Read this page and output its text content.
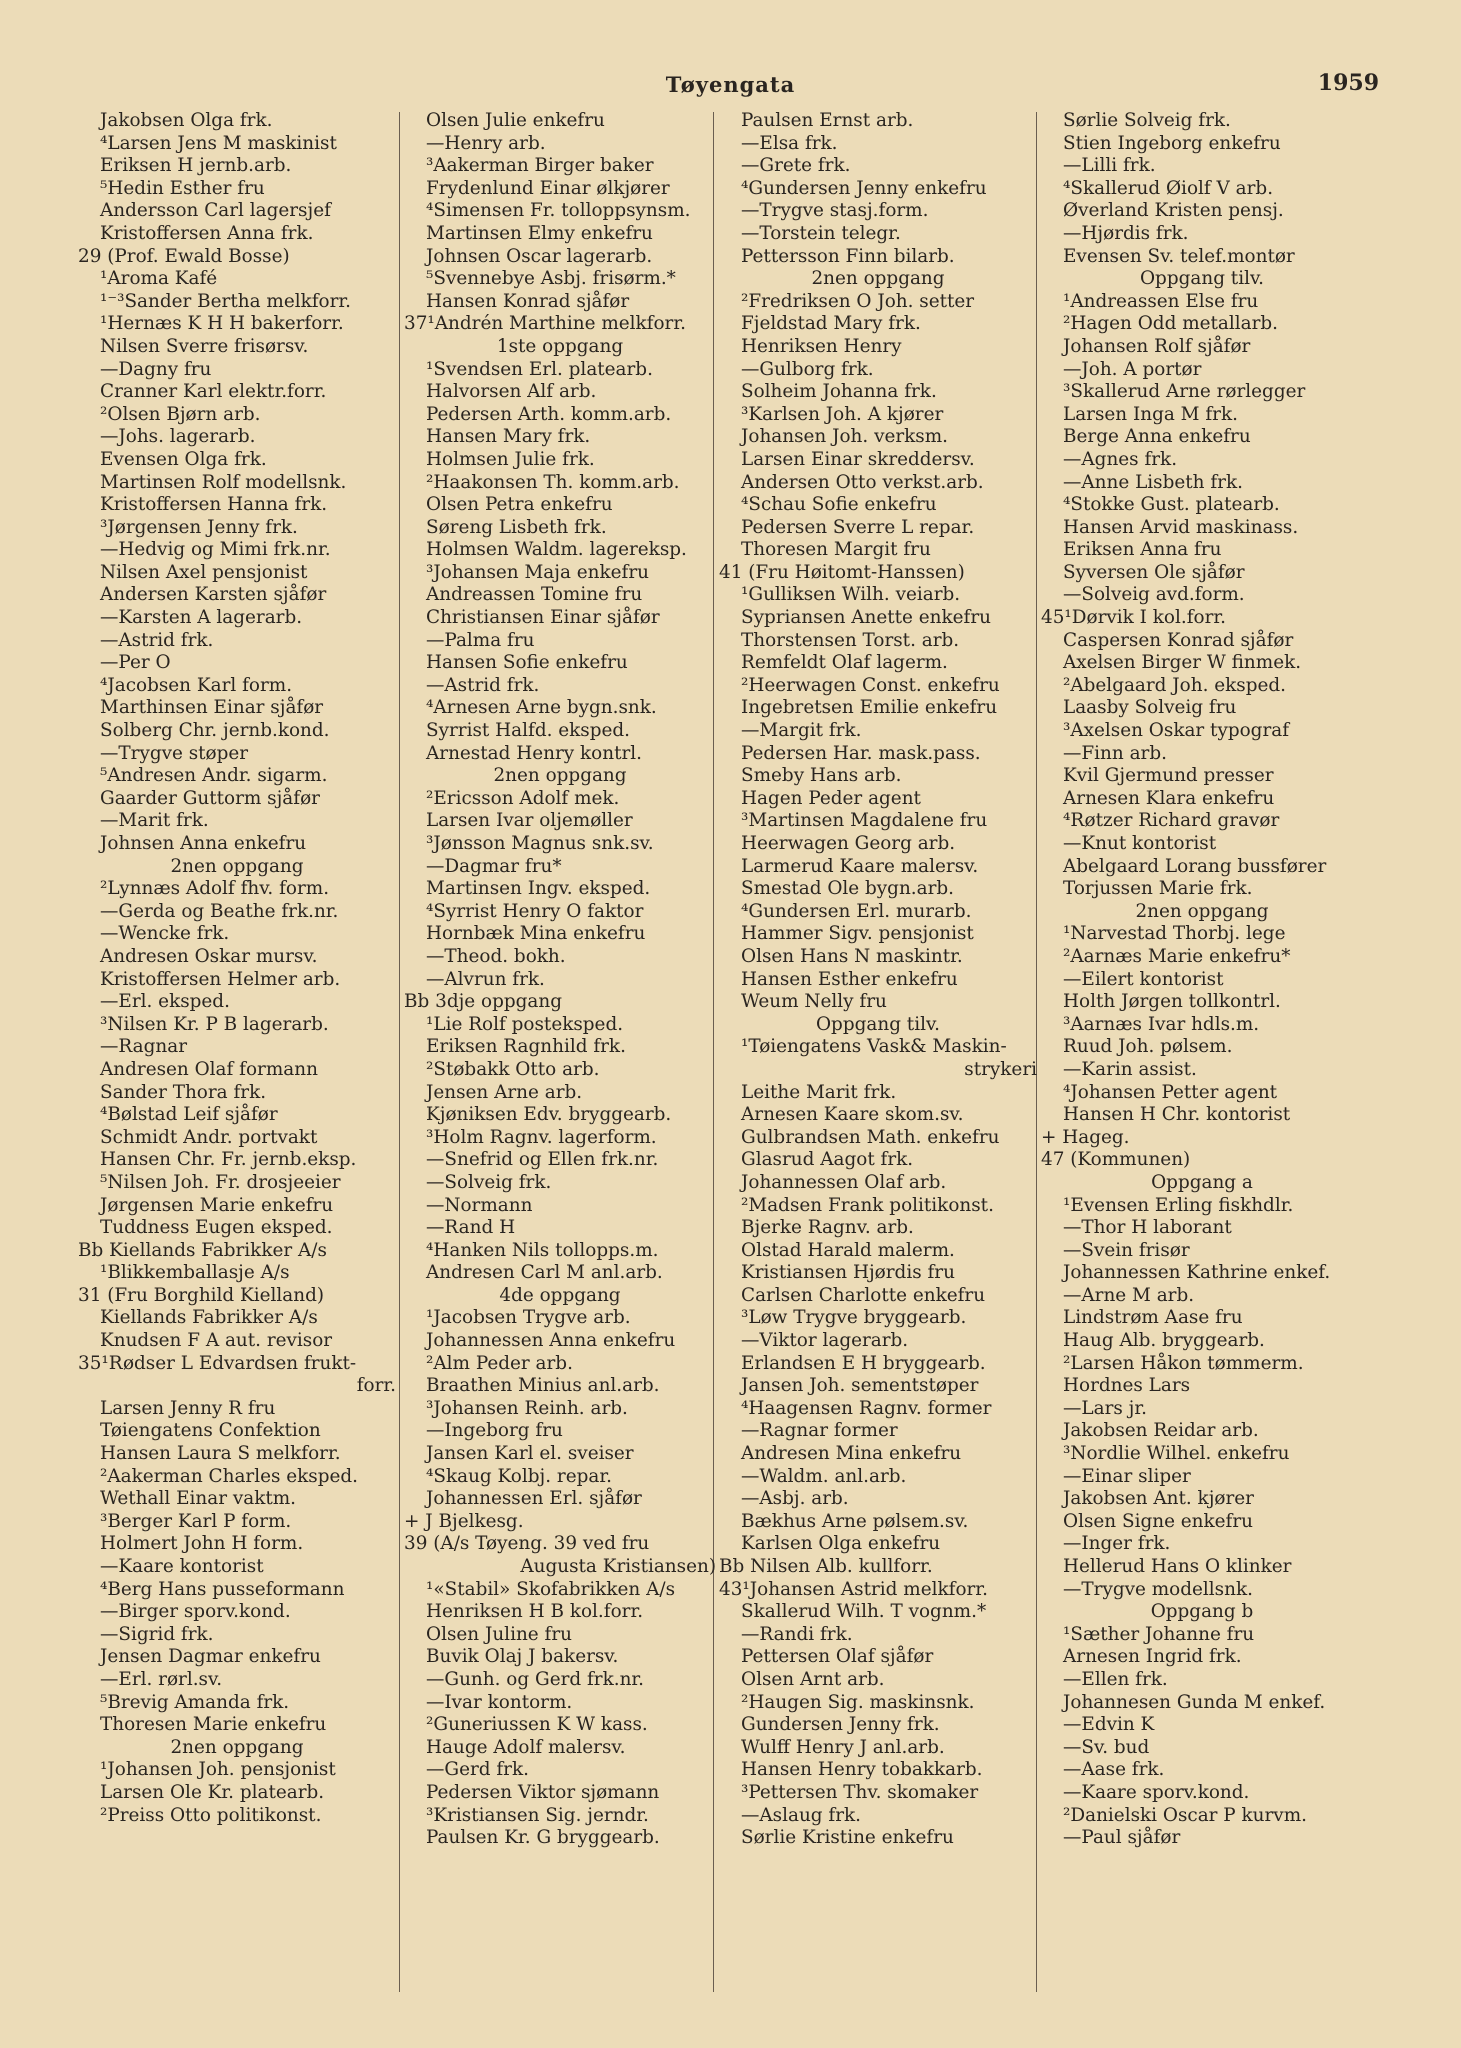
Tøyengata	1959
Jakobsen Olga frk.
⁴Larsen Jens M maskinist
Eriksen H jernb.arb.
⁵Hedin Esther fru
Andersson Carl lagersjef
Kristoffersen Anna frk.
29 (Prof. Ewald Bosse)
¹Aroma Kafé
¹⁻³Sander Bertha melkforr.
¹Hernæs K H H bakerforr.
Nilsen Sverre frisørsv.
—Dagny fru
Cranner Karl elektr.forr.
²Olsen Bjørn arb.
—Johs. lagerarb.
Evensen Olga frk.
Martinsen Rolf modellsnk.
Kristoffersen Hanna frk.
³Jørgensen Jenny frk.
—Hedvig og Mimi frk.nr.
Nilsen Axel pensjonist
Andersen Karsten sjåfør
—Karsten A lagerarb.
—Astrid frk.
—Per O
⁴Jacobsen Karl form.
Marthinsen Einar sjåfør
Solberg Chr. jernb.kond.
—Trygve støper
⁵Andresen Andr. sigarm.
Gaarder Guttorm sjåfør
—Marit frk.
Johnsen Anna enkefru
2nen oppgang
²Lynnæs Adolf fhv. form.
—Gerda og Beathe frk.nr.
—Wencke frk.
Andresen Oskar mursv.
Kristoffersen Helmer arb.
—Erl. eksped.
³Nilsen Kr. P B lagerarb.
—Ragnar
Andresen Olaf formann
Sander Thora frk.
⁴Bølstad Leif sjåfør
Schmidt Andr. portvakt
Hansen Chr. Fr. jernb.eksp.
⁵Nilsen Joh. Fr. drosjeeier
Jørgensen Marie enkefru
Tuddness Eugen eksped.
Bb Kiellands Fabrikker A/s
¹Blikkemballasje A/s
31 (Fru Borghild Kielland)
Kiellands Fabrikker A/s
Knudsen F A aut. revisor
35¹Rødser L Edvardsen frukt-
forr.
Larsen Jenny R fru
Tøiengatens Confektion
Hansen Laura S melkforr.
²Aakerman Charles eksped.
Wethall Einar vaktm.
³Berger Karl P form.
Holmert John H form.
—Kaare kontorist
⁴Berg Hans pusseformann
—Birger sporv.kond.
—Sigrid frk.
Jensen Dagmar enkefru
—Erl. rørl.sv.
⁵Brevig Amanda frk.
Thoresen Marie enkefru
2nen oppgang
¹Johansen Joh. pensjonist
Larsen Ole Kr. platearb.
²Preiss Otto politikonst.
Olsen Julie enkefru
—Henry arb.
³Aakerman Birger baker
Frydenlund Einar ølkjører
⁴Simensen Fr. tolloppsynsm.
Martinsen Elmy enkefru
Johnsen Oscar lagerarb.
⁵Svennebye Asbj. frisørm.*
Hansen Konrad sjåfør
37¹Andrén Marthine melkforr.
1ste oppgang
¹Svendsen Erl. platearb.
Halvorsen Alf arb.
Pedersen Arth. komm.arb.
Hansen Mary frk.
Holmsen Julie frk.
²Haakonsen Th. komm.arb.
Olsen Petra enkefru
Søreng Lisbeth frk.
Holmsen Waldm. lagereksp.
³Johansen Maja enkefru
Andreassen Tomine fru
Christiansen Einar sjåfør
—Palma fru
Hansen Sofie enkefru
—Astrid frk.
⁴Arnesen Arne bygn.snk.
Syrrist Halfd. eksped.
Arnestad Henry kontrl.
2nen oppgang
²Ericsson Adolf mek.
Larsen Ivar oljemøller
³Jønsson Magnus snk.sv.
—Dagmar fru*
Martinsen Ingv. eksped.
⁴Syrrist Henry O faktor
Hornbæk Mina enkefru
—Theod. bokh.
—Alvrun frk.
Bb 3dje oppgang
¹Lie Rolf posteksped.
Eriksen Ragnhild frk.
²Støbakk Otto arb.
Jensen Arne arb.
Kjøniksen Edv. bryggearb.
³Holm Ragnv. lagerform.
—Snefrid og Ellen frk.nr.
—Solveig frk.
—Normann
—Rand H
⁴Hanken Nils tollopps.m.
Andresen Carl M anl.arb.
4de oppgang
¹Jacobsen Trygve arb.
Johannessen Anna enkefru
²Alm Peder arb.
Braathen Minius anl.arb.
³Johansen Reinh. arb.
—Ingeborg fru
Jansen Karl el. sveiser
⁴Skaug Kolbj. repar.
Johannessen Erl. sjåfør
+ J Bjelkesg.
39 (A/s Tøyeng. 39 ved fru
Augusta Kristiansen)
¹«Stabil» Skofabrikken A/s
Henriksen H B kol.forr.
Olsen Juline fru
Buvik Olaj J bakersv.
—Gunh. og Gerd frk.nr.
—Ivar kontorm.
²Guneriussen K W kass.
Hauge Adolf malersv.
—Gerd frk.
Pedersen Viktor sjømann
³Kristiansen Sig. jerndr.
Paulsen Kr. G bryggearb.
Paulsen Ernst arb.
—Elsa frk.
—Grete frk.
⁴Gundersen Jenny enkefru
—Trygve stasj.form.
—Torstein telegr.
Pettersson Finn bilarb.
2nen oppgang
²Fredriksen O Joh. setter
Fjeldstad Mary frk.
Henriksen Henry
—Gulborg frk.
Solheim Johanna frk.
³Karlsen Joh. A kjører
Johansen Joh. verksm.
Larsen Einar skreddersv.
Andersen Otto verkst.arb.
⁴Schau Sofie enkefru
Pedersen Sverre L repar.
Thoresen Margit fru
41 (Fru Høitomt-Hanssen)
¹Gulliksen Wilh. veiarb.
Sypriansen Anette enkefru
Thorstensen Torst. arb.
Remfeldt Olaf lagerm.
²Heerwagen Const. enkefru
Ingebretsen Emilie enkefru
—Margit frk.
Pedersen Har. mask.pass.
Smeby Hans arb.
Hagen Peder agent
³Martinsen Magdalene fru
Heerwagen Georg arb.
Larmerud Kaare malersv.
Smestad Ole bygn.arb.
⁴Gundersen Erl. murarb.
Hammer Sigv. pensjonist
Olsen Hans N maskintr.
Hansen Esther enkefru
Weum Nelly fru
Oppgang tilv.
¹Tøiengatens Vask& Maskin-
strykeri
Leithe Marit frk.
Arnesen Kaare skom.sv.
Gulbrandsen Math. enkefru
Glasrud Aagot frk.
Johannessen Olaf arb.
²Madsen Frank politikonst.
Bjerke Ragnv. arb.
Olstad Harald malerm.
Kristiansen Hjørdis fru
Carlsen Charlotte enkefru
³Løw Trygve bryggearb.
—Viktor lagerarb.
Erlandsen E H bryggearb.
Jansen Joh. sementstøper
⁴Haagensen Ragnv. former
—Ragnar former
Andresen Mina enkefru
—Waldm. anl.arb.
—Asbj. arb.
Bækhus Arne pølsem.sv.
Karlsen Olga enkefru
Bb Nilsen Alb. kullforr.
43¹Johansen Astrid melkforr.
Skallerud Wilh. T vognm.*
—Randi frk.
Pettersen Olaf sjåfør
Olsen Arnt arb.
²Haugen Sig. maskinsnk.
Gundersen Jenny frk.
Wulff Henry J anl.arb.
Hansen Henry tobakkarb.
³Pettersen Thv. skomaker
—Aslaug frk.
Sørlie Kristine enkefru
Sørlie Solveig frk.
Stien Ingeborg enkefru
—Lilli frk.
⁴Skallerud Øiolf V arb.
Øverland Kristen pensj.
—Hjørdis frk.
Evensen Sv. telef.montør
Oppgang tilv.
¹Andreassen Else fru
²Hagen Odd metallarb.
Johansen Rolf sjåfør
—Joh. A portør
³Skallerud Arne rørlegger
Larsen Inga M frk.
Berge Anna enkefru
—Agnes frk.
—Anne Lisbeth frk.
⁴Stokke Gust. platearb.
Hansen Arvid maskinass.
Eriksen Anna fru
Syversen Ole sjåfør
—Solveig avd.form.
45¹Dørvik I kol.forr.
Caspersen Konrad sjåfør
Axelsen Birger W finmek.
²Abelgaard Joh. eksped.
Laasby Solveig fru
³Axelsen Oskar typograf
—Finn arb.
Kvil Gjermund presser
Arnesen Klara enkefru
⁴Røtzer Richard gravør
—Knut kontorist
Abelgaard Lorang bussfører
Torjussen Marie frk.
2nen oppgang
¹Narvestad Thorbj. lege
²Aarnæs Marie enkefru*
—Eilert kontorist
Holth Jørgen tollkontrl.
³Aarnæs Ivar hdls.m.
Ruud Joh. pølsem.
—Karin assist.
⁴Johansen Petter agent
Hansen H Chr. kontorist
+ Hageg.
47 (Kommunen)
Oppgang a
¹Evensen Erling fiskhdlr.
—Thor H laborant
—Svein frisør
Johannessen Kathrine enkef.
—Arne M arb.
Lindstrøm Aase fru
Haug Alb. bryggearb.
²Larsen Håkon tømmerm.
Hordnes Lars
—Lars jr.
Jakobsen Reidar arb.
³Nordlie Wilhel. enkefru
—Einar sliper
Jakobsen Ant. kjører
Olsen Signe enkefru
—Inger frk.
Hellerud Hans O klinker
—Trygve modellsnk.
Oppgang b
¹Sæther Johanne fru
Arnesen Ingrid frk.
—Ellen frk.
Johannesen Gunda M enkef.
—Edvin K
—Sv. bud
—Aase frk.
—Kaare sporv.kond.
²Danielski Oscar P kurvm.
—Paul sjåfør
